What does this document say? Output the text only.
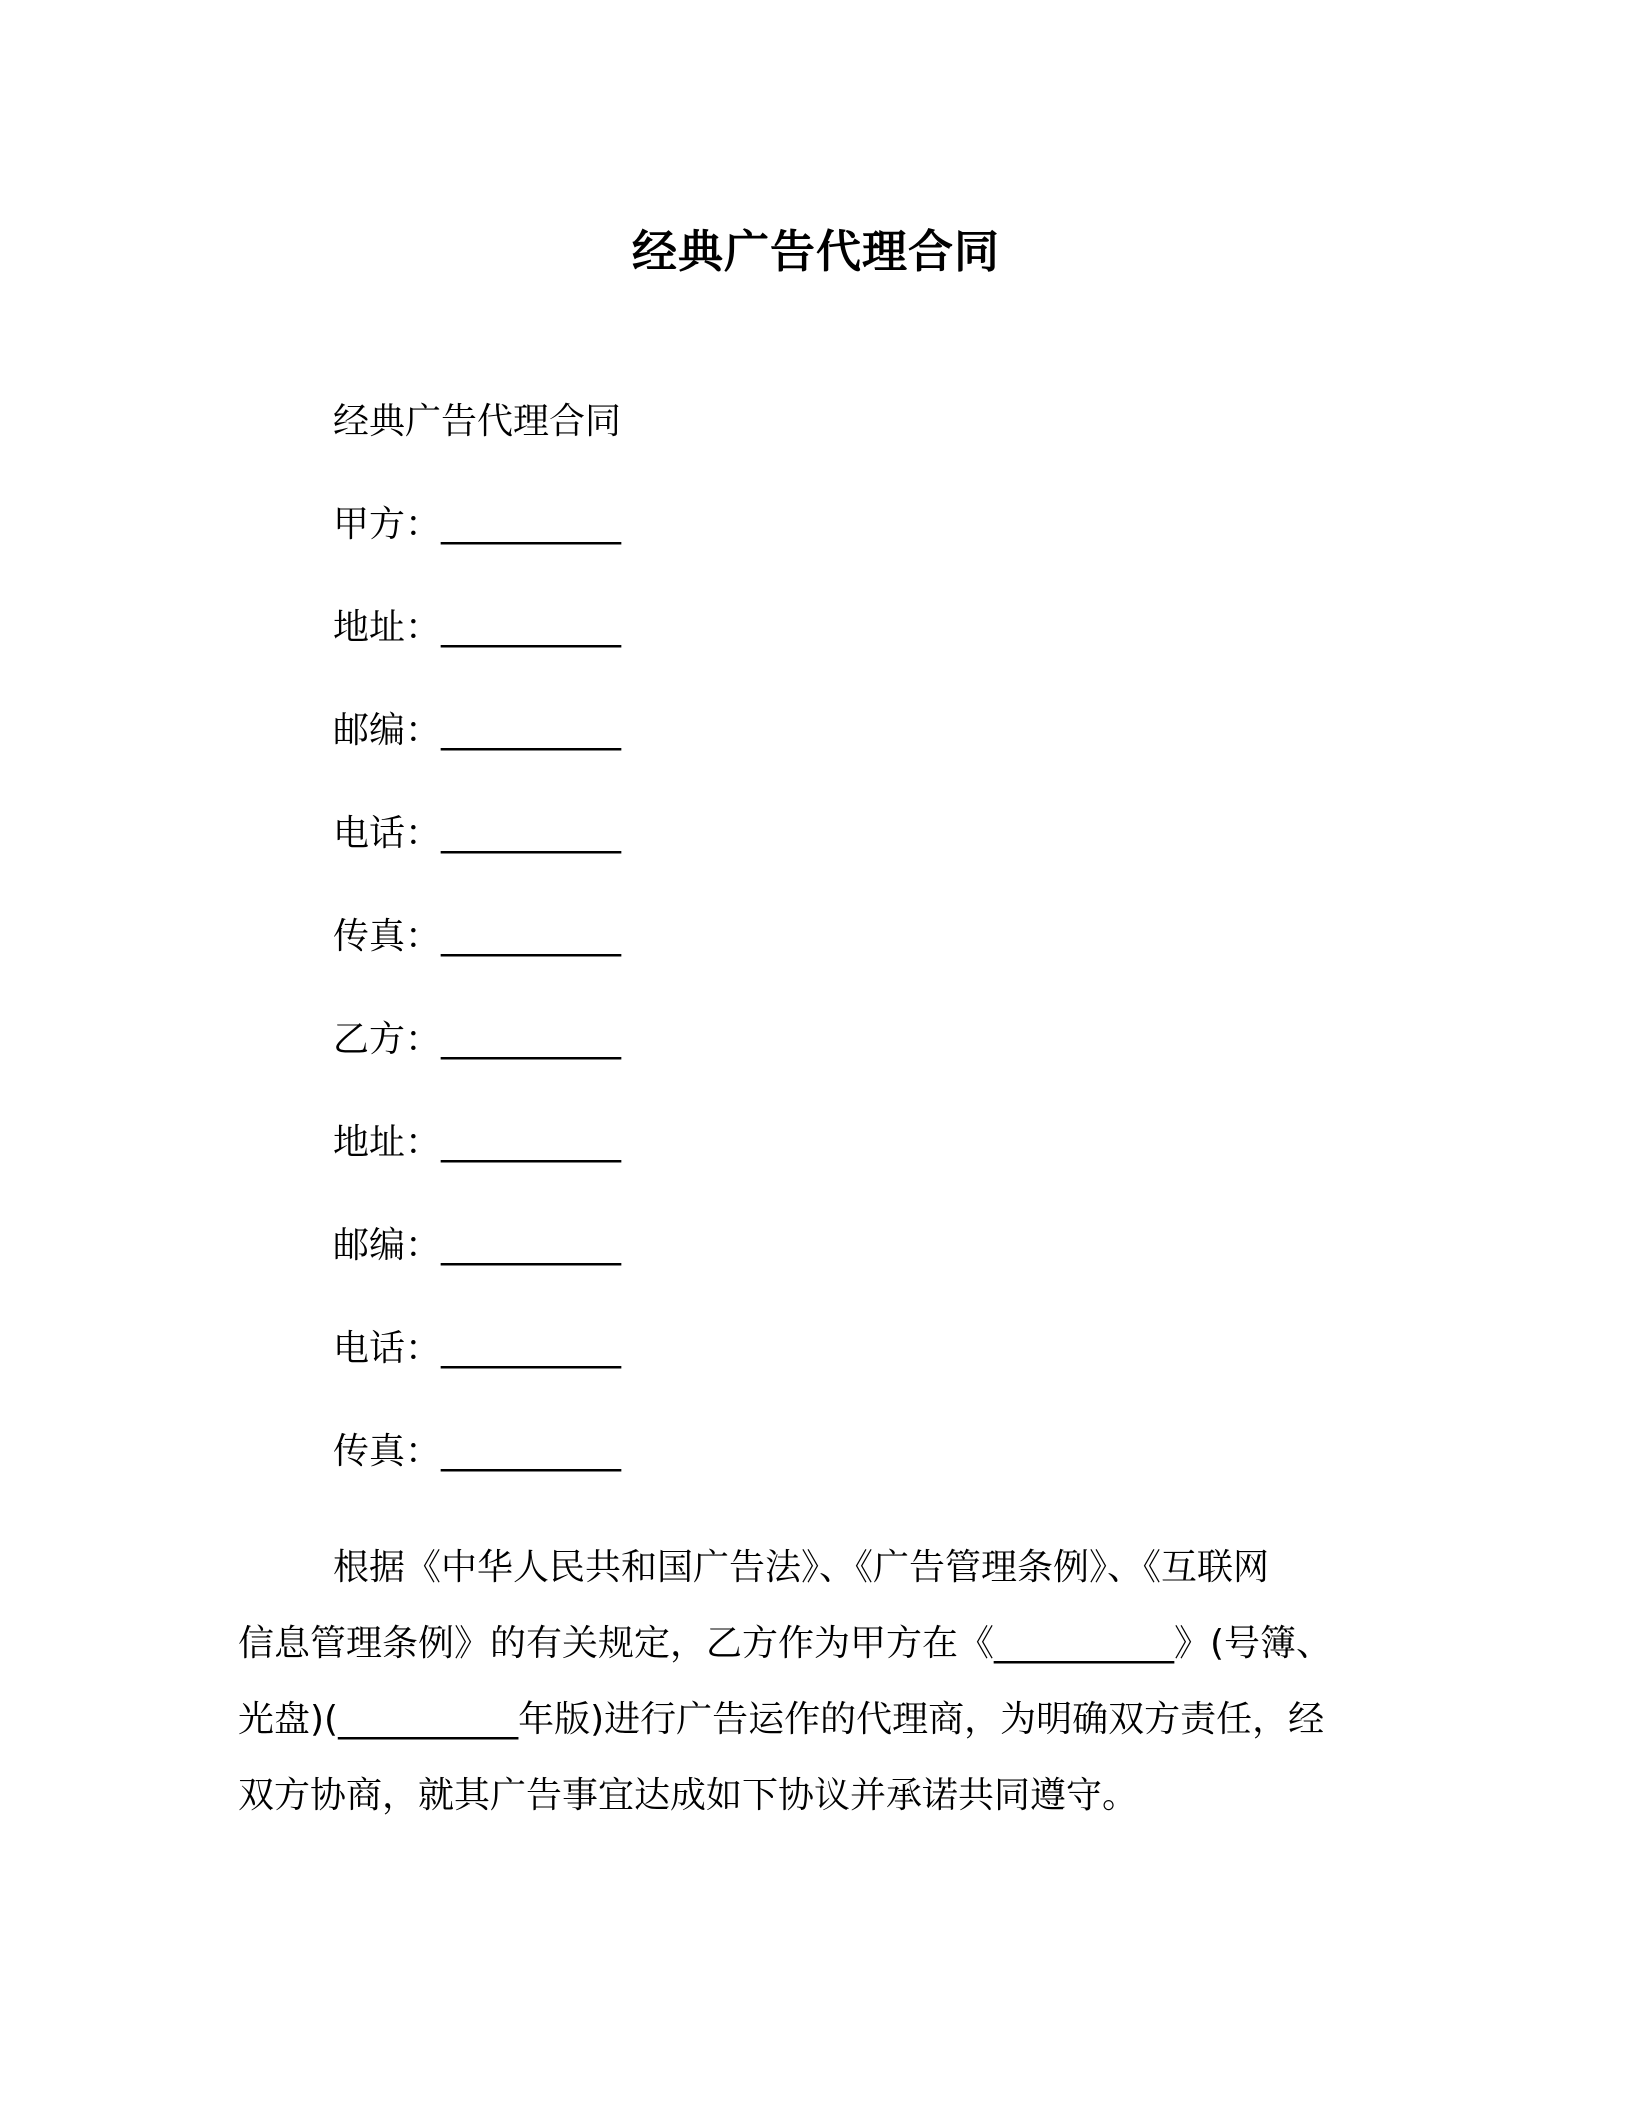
经典广告代理合同
经典广告代理合同
甲方：__________
地址：__________
邮编：__________
电话：__________
传真：__________
乙方：__________
地址：__________
邮编：__________
电话：__________
传真：__________

根据《中华人民共和国广告法》、《广告管理条例》、《互联网
信息管理条例》的有关规定，乙方作为甲方在《__________》(号簿、
光盘)(__________年版)进行广告运作的代理商，为明确双方责任，经
双方协商，就其广告事宜达成如下协议并承诺共同遵守。
